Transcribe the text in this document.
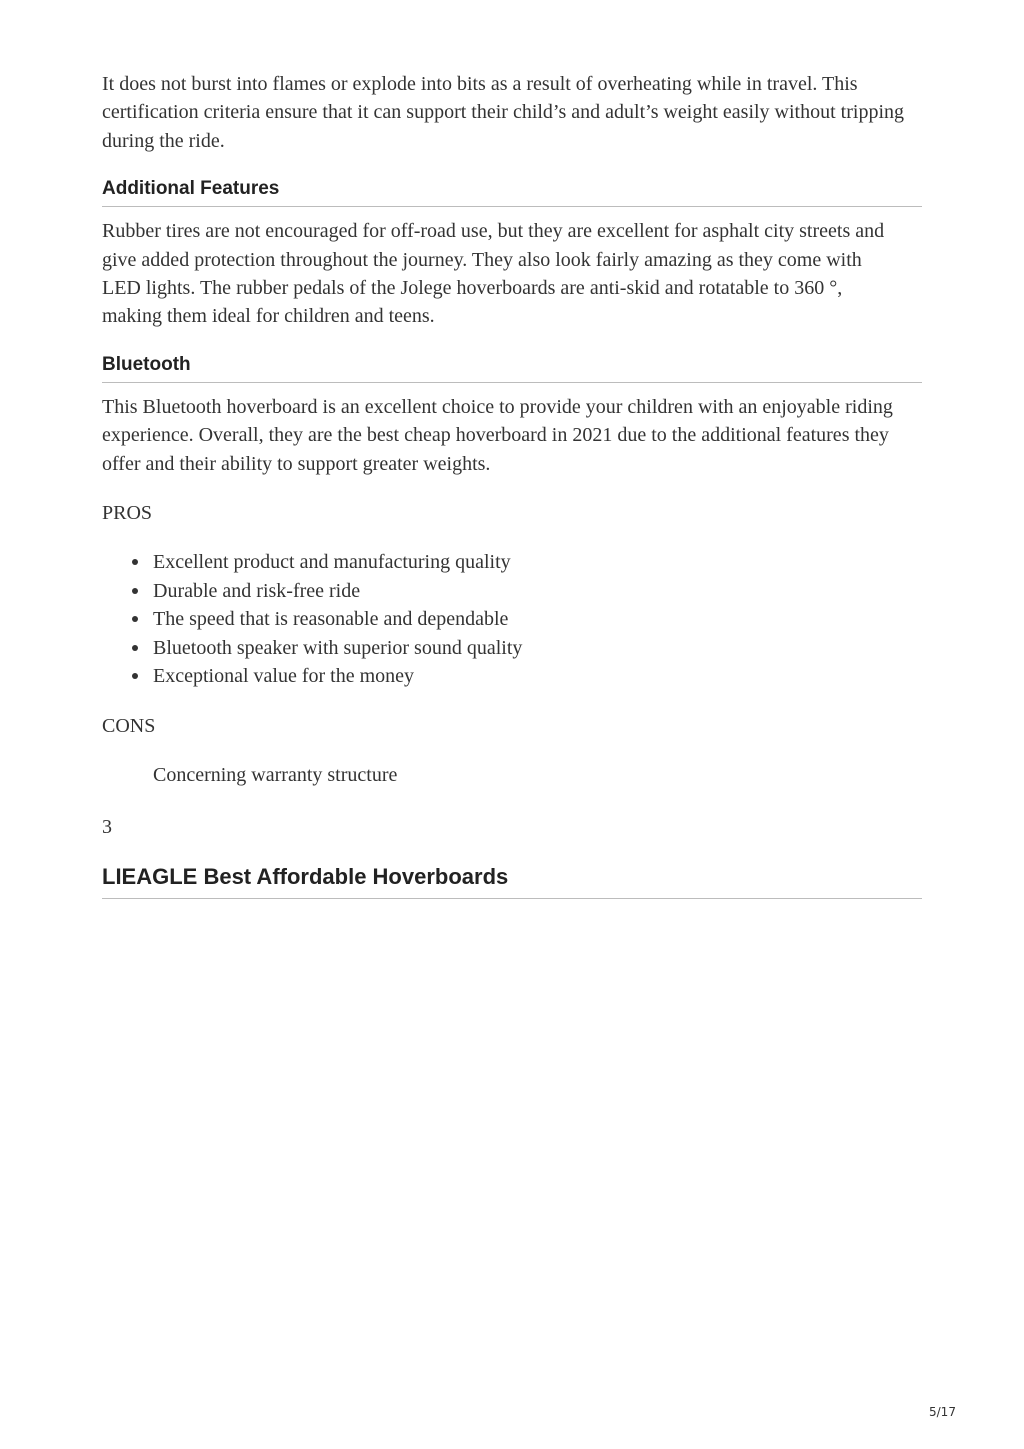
It does not burst into flames or explode into bits as a result of overheating while in travel. This certification criteria ensure that it can support their child’s and adult’s weight easily without tripping during the ride.

Additional Features

Rubber tires are not encouraged for off-road use, but they are excellent for asphalt city streets and give added protection throughout the journey. They also look fairly amazing as they come with LED lights. The rubber pedals of the Jolege hoverboards are anti-skid and rotatable to 360 °, making them ideal for children and teens.

Bluetooth

This Bluetooth hoverboard is an excellent choice to provide your children with an enjoyable riding experience. Overall, they are the best cheap hoverboard in 2021 due to the additional features they offer and their ability to support greater weights.

PROS

Excellent product and manufacturing quality
Durable and risk-free ride
The speed that is reasonable and dependable
Bluetooth speaker with superior sound quality
Exceptional value for the money

CONS

Concerning warranty structure

3

LIEAGLE Best Affordable Hoverboards
5/17
